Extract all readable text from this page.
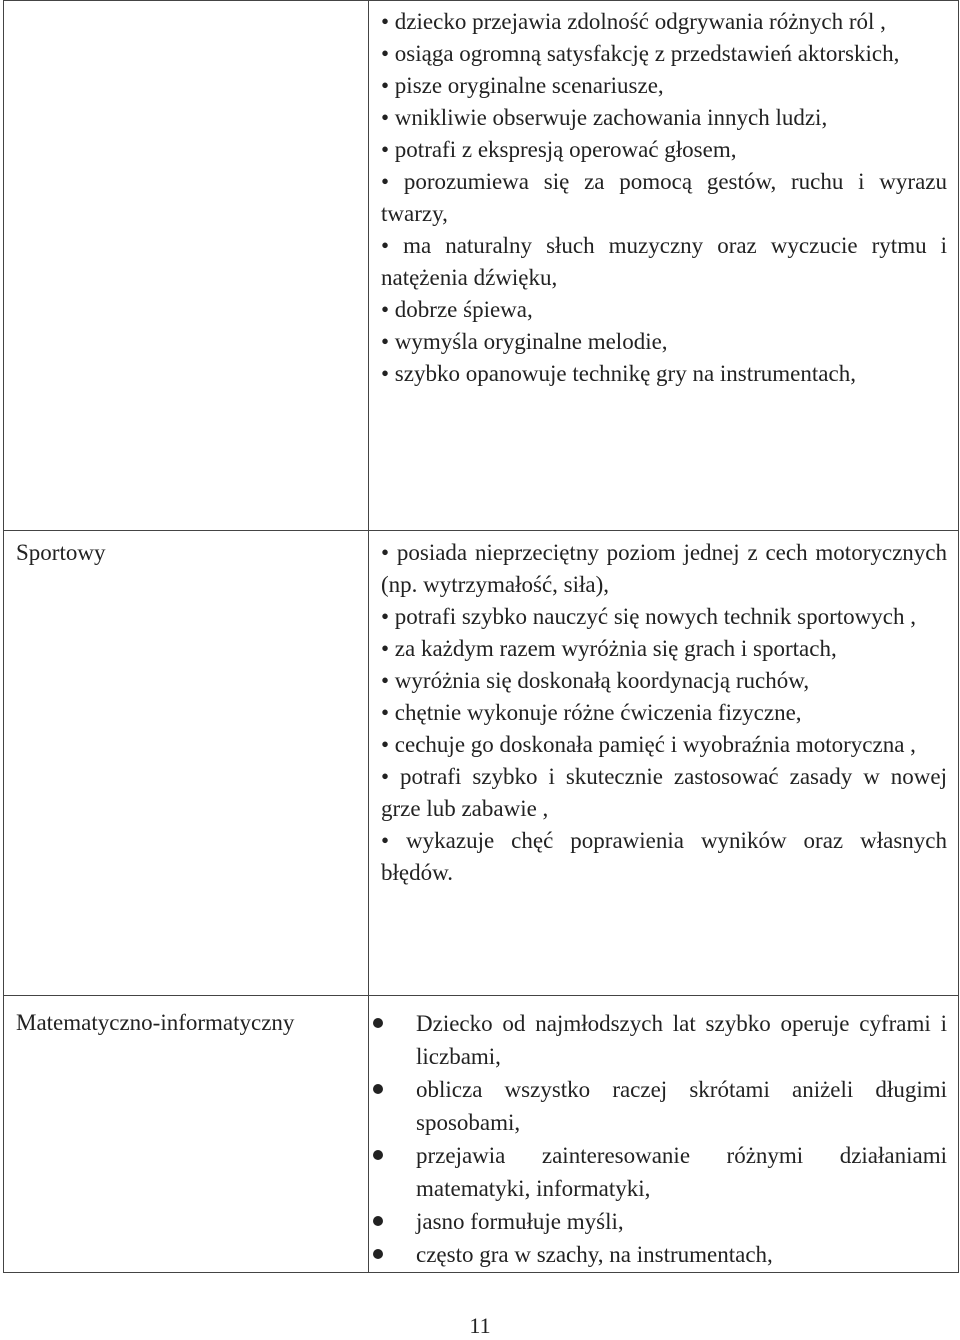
• dziecko przejawia zdolność odgrywania różnych ról ,
• osiąga ogromną satysfakcję z przedstawień aktorskich,
• pisze oryginalne scenariusze,
• wnikliwie obserwuje zachowania innych ludzi,
• potrafi z ekspresją operować głosem,
• porozumiewa się za pomocą gestów, ruchu i wyrazu twarzy,
• ma naturalny słuch muzyczny oraz wyczucie rytmu i natężenia dźwięku,
• dobrze śpiewa,
• wymyśla oryginalne melodie,
• szybko opanowuje technikę gry na instrumentach,
Sportowy	• posiada nieprzeciętny poziom jednej z cech motorycznych (np. wytrzymałość, siła),
• potrafi szybko nauczyć się nowych technik sportowych ,
• za każdym razem wyróżnia się grach i sportach,
• wyróżnia się doskonałą koordynacją ruchów,
• chętnie wykonuje różne ćwiczenia fizyczne,
• cechuje go doskonała pamięć i wyobraźnia motoryczna ,
• potrafi szybko i skutecznie zastosować zasady w nowej grze lub zabawie ,
• wykazuje chęć poprawienia wyników oraz własnych błędów.
Matematyczno-informatyczny	Dziecko od najmłodszych lat szybko operuje cyframi i liczbami,
oblicza wszystko raczej skrótami aniżeli długimi sposobami,
przejawia zainteresowanie różnymi działaniami matematyki, informatyki,
jasno formułuje myśli,
często gra w szachy, na instrumentach,
11
